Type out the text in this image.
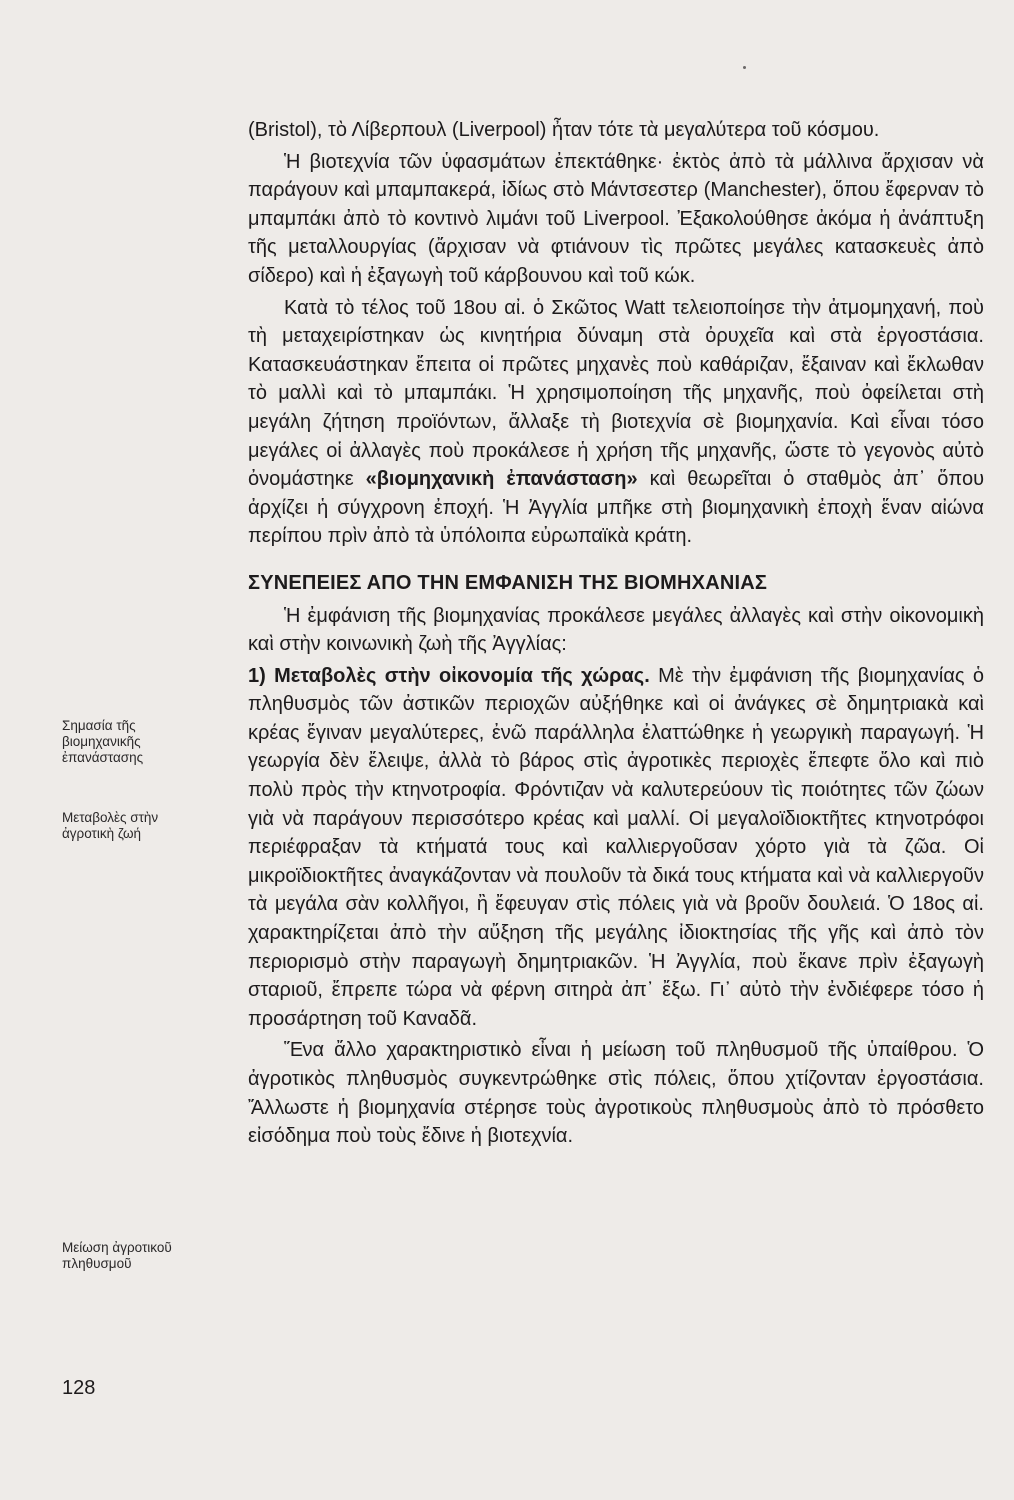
Σημασία τῆς βιομηχανικῆς ἐπανάστασης
Μεταβολὲς στὴν ἀγροτικὴ ζωή
Μείωση ἀγροτικοῦ πληθυσμοῦ

(Bristol), τὸ Λίβερπουλ (Liverpool) ἦταν τότε τὰ μεγαλύτερα τοῦ κόσμου.

Ἡ βιοτεχνία τῶν ὑφασμάτων ἐπεκτάθηκε· ἐκτὸς ἀπὸ τὰ μάλλινα ἄρχισαν νὰ παράγουν καὶ μπαμπακερά, ἰδίως στὸ Μάντσεστερ (Manchester), ὅπου ἔφερναν τὸ μπαμπάκι ἀπὸ τὸ κοντινὸ λιμάνι τοῦ Liverpool. Ἐξακολούθησε ἀκόμα ἡ ἀνάπτυξη τῆς μεταλλουργίας (ἄρχισαν νὰ φτιάνουν τὶς πρῶτες μεγάλες κατασκευὲς ἀπὸ σίδερο) καὶ ἡ ἐξαγωγὴ τοῦ κάρβουνου καὶ τοῦ κώκ.

Κατὰ τὸ τέλος τοῦ 18ου αἰ. ὁ Σκῶτος Watt τελειοποίησε τὴν ἀτμομηχανή, ποὺ τὴ μεταχειρίστηκαν ὡς κινητήρια δύναμη στὰ ὀρυχεῖα καὶ στὰ ἐργοστάσια. Κατασκευάστηκαν ἔπειτα οἱ πρῶτες μηχανὲς ποὺ καθάριζαν, ἔξαιναν καὶ ἔκλωθαν τὸ μαλλὶ καὶ τὸ μπαμπάκι. Ἡ χρησιμοποίηση τῆς μηχανῆς, ποὺ ὀφείλεται στὴ μεγάλη ζήτηση προϊόντων, ἄλλαξε τὴ βιοτεχνία σὲ βιομηχανία. Καὶ εἶναι τόσο μεγάλες οἱ ἀλλαγὲς ποὺ προκάλεσε ἡ χρήση τῆς μηχανῆς, ὥστε τὸ γεγονὸς αὐτὸ ὀνομάστηκε «βιομηχανικὴ ἐπανάσταση» καὶ θεωρεῖται ὁ σταθμὸς ἀπ᾿ ὅπου ἀρχίζει ἡ σύγχρονη ἐποχή. Ἡ Ἀγγλία μπῆκε στὴ βιομηχανικὴ ἐποχὴ ἕναν αἰώνα περίπου πρὶν ἀπὸ τὰ ὑπόλοιπα εὐρωπαϊκὰ κράτη.

ΣΥΝΕΠΕΙΕΣ ΑΠΟ ΤΗΝ ΕΜΦΑΝΙΣΗ ΤΗΣ ΒΙΟΜΗΧΑΝΙΑΣ

Ἡ ἐμφάνιση τῆς βιομηχανίας προκάλεσε μεγάλες ἀλλαγὲς καὶ στὴν οἰκονομικὴ καὶ στὴν κοινωνικὴ ζωὴ τῆς Ἀγγλίας:

1) Μεταβολὲς στὴν οἰκονομία τῆς χώρας. Μὲ τὴν ἐμφάνιση τῆς βιομηχανίας ὁ πληθυσμὸς τῶν ἀστικῶν περιοχῶν αὐξήθηκε καὶ οἱ ἀνάγκες σὲ δημητριακὰ καὶ κρέας ἔγιναν μεγαλύτερες, ἐνῶ παράλληλα ἐλαττώθηκε ἡ γεωργικὴ παραγωγή. Ἡ γεωργία δὲν ἔλειψε, ἀλλὰ τὸ βάρος στὶς ἀγροτικὲς περιοχὲς ἔπεφτε ὅλο καὶ πιὸ πολὺ πρὸς τὴν κτηνοτροφία. Φρόντιζαν νὰ καλυτερεύουν τὶς ποιότητες τῶν ζώων γιὰ νὰ παράγουν περισσότερο κρέας καὶ μαλλί. Οἱ μεγαλοϊδιοκτῆτες κτηνοτρόφοι περιέφραξαν τὰ κτήματά τους καὶ καλλιεργοῦσαν χόρτο γιὰ τὰ ζῶα. Οἱ μικροϊδιοκτῆτες ἀναγκάζονταν νὰ πουλοῦν τὰ δικά τους κτήματα καὶ νὰ καλλιεργοῦν τὰ μεγάλα σὰν κολλῆγοι, ἢ ἔφευγαν στὶς πόλεις γιὰ νὰ βροῦν δουλειά. Ὁ 18ος αἰ. χαρακτηρίζεται ἀπὸ τὴν αὔξηση τῆς μεγάλης ἰδιοκτησίας τῆς γῆς καὶ ἀπὸ τὸν περιορισμὸ στὴν παραγωγὴ δημητριακῶν. Ἡ Ἀγγλία, ποὺ ἔκανε πρὶν ἐξαγωγὴ σταριοῦ, ἔπρεπε τώρα νὰ φέρνη σιτηρὰ ἀπ᾿ ἔξω. Γι᾿ αὐτὸ τὴν ἐνδιέφερε τόσο ἡ προσάρτηση τοῦ Καναδᾶ.

Ἕνα ἄλλο χαρακτηριστικὸ εἶναι ἡ μείωση τοῦ πληθυσμοῦ τῆς ὑπαίθρου. Ὁ ἀγροτικὸς πληθυσμὸς συγκεντρώθηκε στὶς πόλεις, ὅπου χτίζονταν ἐργοστάσια. Ἄλλωστε ἡ βιομηχανία στέρησε τοὺς ἀγροτικοὺς πληθυσμοὺς ἀπὸ τὸ πρόσθετο εἰσόδημα ποὺ τοὺς ἔδινε ἡ βιοτεχνία.

128
